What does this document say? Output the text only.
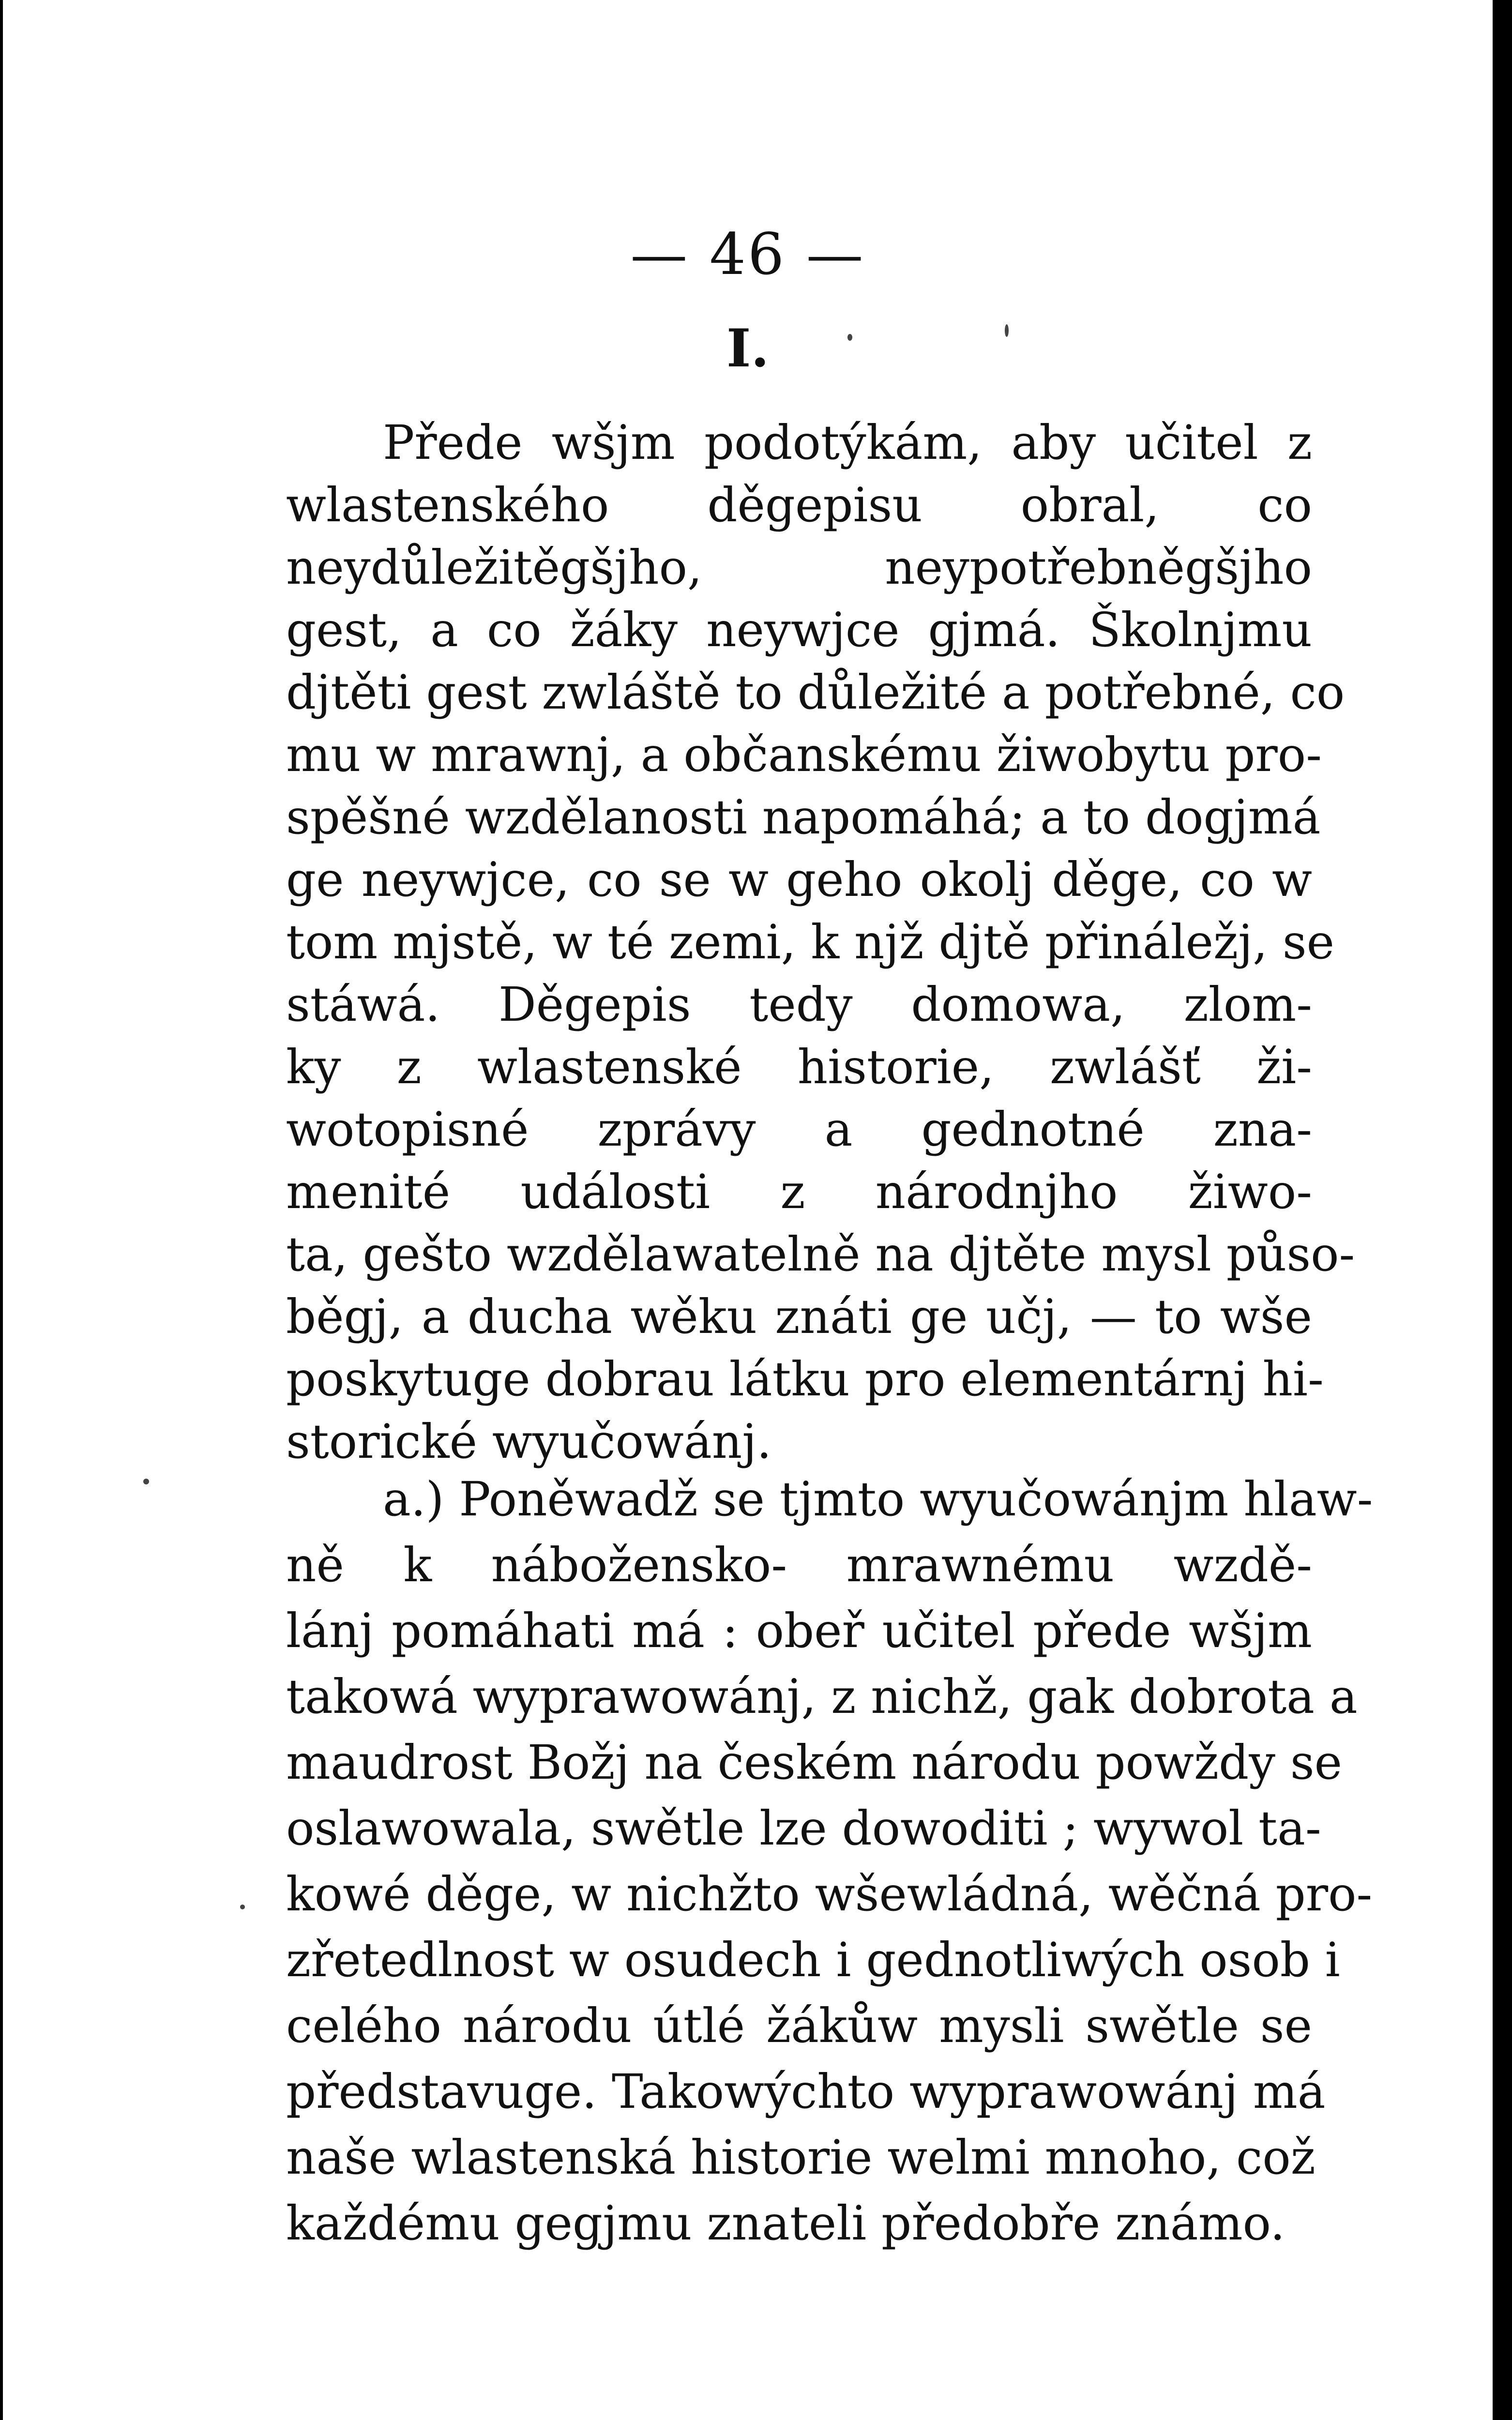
— 46 —
I.
Přede wšjm podotýkám, aby učitel z
wlastenského děgepisu obral, co
neydůležitěgšjho, neypotřebněgšjho
gest, a co žáky neywjce gjmá. Školnjmu
djtěti gest zwláště to důležité a potřebné, co
mu w mrawnj, a občanskému žiwobytu pro-
spěšné wzdělanosti napomáhá; a to dogjmá
ge neywjce, co se w geho okolj děge, co w
tom mjstě, w té zemi, k njž djtě přináležj, se
stáwá. Děgepis tedy domowa, zlom-
ky z wlastenské historie, zwlášť ži-
wotopisné zprávy a gednotné zna-
menité události z národnjho žiwo-
ta, gešto wzdělawatelně na djtěte mysl půso-
běgj, a ducha wěku znáti ge učj, — to wše
poskytuge dobrau látku pro elementárnj hi-
storické wyučowánj.
a.) Poněwadž se tjmto wyučowánjm hlaw-
ně k nábožensko- mrawnému wzdě-
lánj pomáhati má : obeř učitel přede wšjm
takowá wyprawowánj, z nichž, gak dobrota a
maudrost Božj na českém národu powždy se
oslawowala, swětle lze dowoditi ; wywol ta-
kowé děge, w nichžto wšewládná, wěčná pro-
zřetedlnost w osudech i gednotliwých osob i
celého národu útlé žákůw mysli swětle se
představuge. Takowýchto wyprawowánj má
naše wlastenská historie welmi mnoho, což
každému gegjmu znateli předobře známo.
